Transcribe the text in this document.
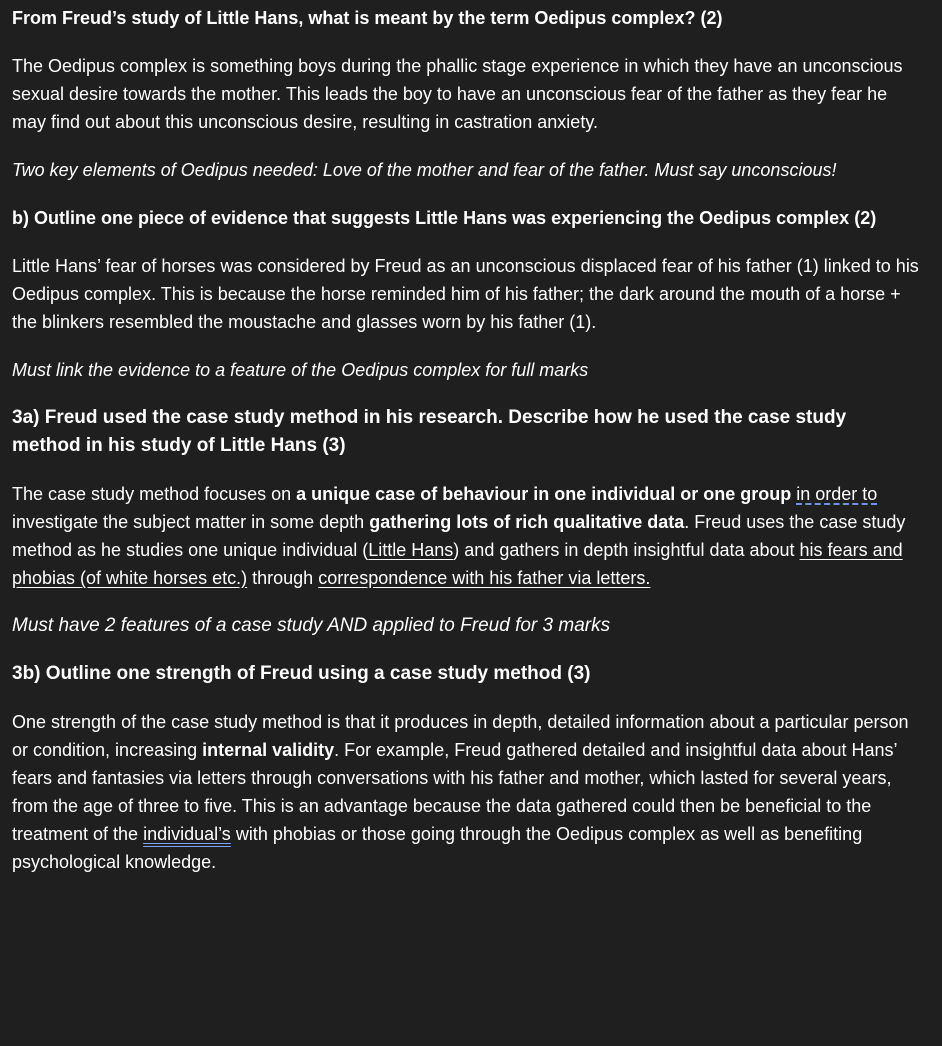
From Freud’s study of Little Hans, what is meant by the term Oedipus complex? (2)

The Oedipus complex is something boys during the phallic stage experience in which they have an unconscious sexual desire towards the mother. This leads the boy to have an unconscious fear of the father as they fear he may find out about this unconscious desire, resulting in castration anxiety.

Two key elements of Oedipus needed: Love of the mother and fear of the father. Must say unconscious!

b) Outline one piece of evidence that suggests Little Hans was experiencing the Oedipus complex (2)

Little Hans’ fear of horses was considered by Freud as an unconscious displaced fear of his father (1) linked to his Oedipus complex. This is because the horse reminded him of his father; the dark around the mouth of a horse + the blinkers resembled the moustache and glasses worn by his father (1).

Must link the evidence to a feature of the Oedipus complex for full marks

3a) Freud used the case study method in his research. Describe how he used the case study method in his study of Little Hans (3)

The case study method focuses on a unique case of behaviour in one individual or one group in order to investigate the subject matter in some depth gathering lots of rich qualitative data. Freud uses the case study method as he studies one unique individual (Little Hans) and gathers in depth insightful data about his fears and phobias (of white horses etc.) through correspondence with his father via letters.

Must have 2 features of a case study AND applied to Freud for 3 marks

3b) Outline one strength of Freud using a case study method (3)

One strength of the case study method is that it produces in depth, detailed information about a particular person or condition, increasing internal validity. For example, Freud gathered detailed and insightful data about Hans’ fears and fantasies via letters through conversations with his father and mother, which lasted for several years, from the age of three to five. This is an advantage because the data gathered could then be beneficial to the treatment of the individual’s with phobias or those going through the Oedipus complex as well as benefiting psychological knowledge.
